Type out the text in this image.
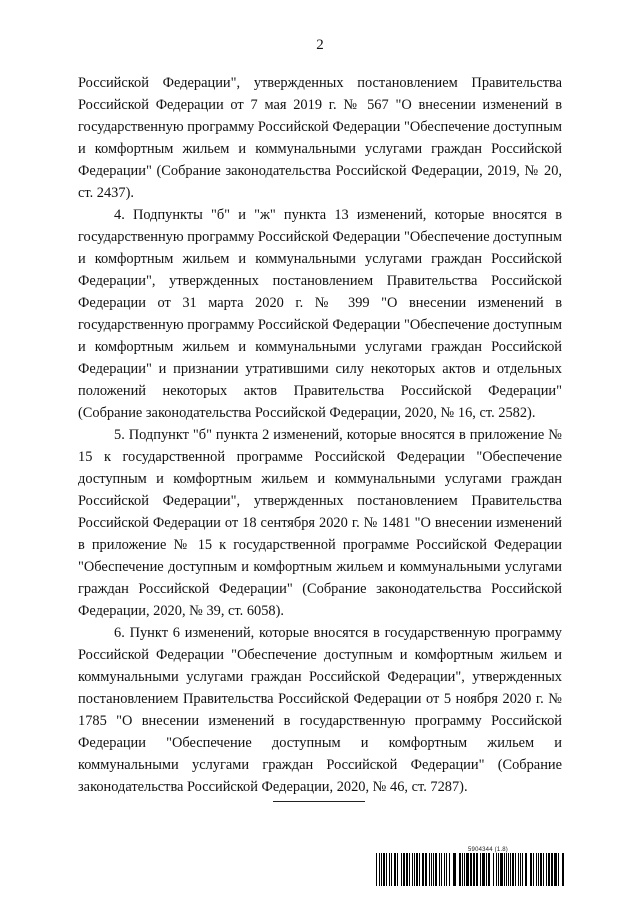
2

Российской Федерации", утвержденных постановлением Правительства Российской Федерации от 7 мая 2019 г. № 567 "О внесении изменений в государственную программу Российской Федерации "Обеспечение доступным и комфортным жильем и коммунальными услугами граждан Российской Федерации" (Собрание законодательства Российской Федерации, 2019, № 20, ст. 2437).

4. Подпункты "б" и "ж" пункта 13 изменений, которые вносятся в государственную программу Российской Федерации "Обеспечение доступным и комфортным жильем и коммунальными услугами граждан Российской Федерации", утвержденных постановлением Правительства Российской Федерации от 31 марта 2020 г. № 399 "О внесении изменений в государственную программу Российской Федерации "Обеспечение доступным и комфортным жильем и коммунальными услугами граждан Российской Федерации" и признании утратившими силу некоторых актов и отдельных положений некоторых актов Правительства Российской Федерации" (Собрание законодательства Российской Федерации, 2020, № 16, ст. 2582).

5. Подпункт "б" пункта 2 изменений, которые вносятся в приложение № 15 к государственной программе Российской Федерации "Обеспечение доступным и комфортным жильем и коммунальными услугами граждан Российской Федерации", утвержденных постановлением Правительства Российской Федерации от 18 сентября 2020 г. № 1481 "О внесении изменений в приложение № 15 к государственной программе Российской Федерации "Обеспечение доступным и комфортным жильем и коммунальными услугами граждан Российской Федерации" (Собрание законодательства Российской Федерации, 2020, № 39, ст. 6058).

6. Пункт 6 изменений, которые вносятся в государственную программу Российской Федерации "Обеспечение доступным и комфортным жильем и коммунальными услугами граждан Российской Федерации", утвержденных постановлением Правительства Российской Федерации от 5 ноября 2020 г. № 1785 "О внесении изменений в государственную программу Российской Федерации "Обеспечение доступным и комфортным жильем и коммунальными услугами граждан Российской Федерации" (Собрание законодательства Российской Федерации, 2020, № 46, ст. 7287).

5904344 (1.8)
